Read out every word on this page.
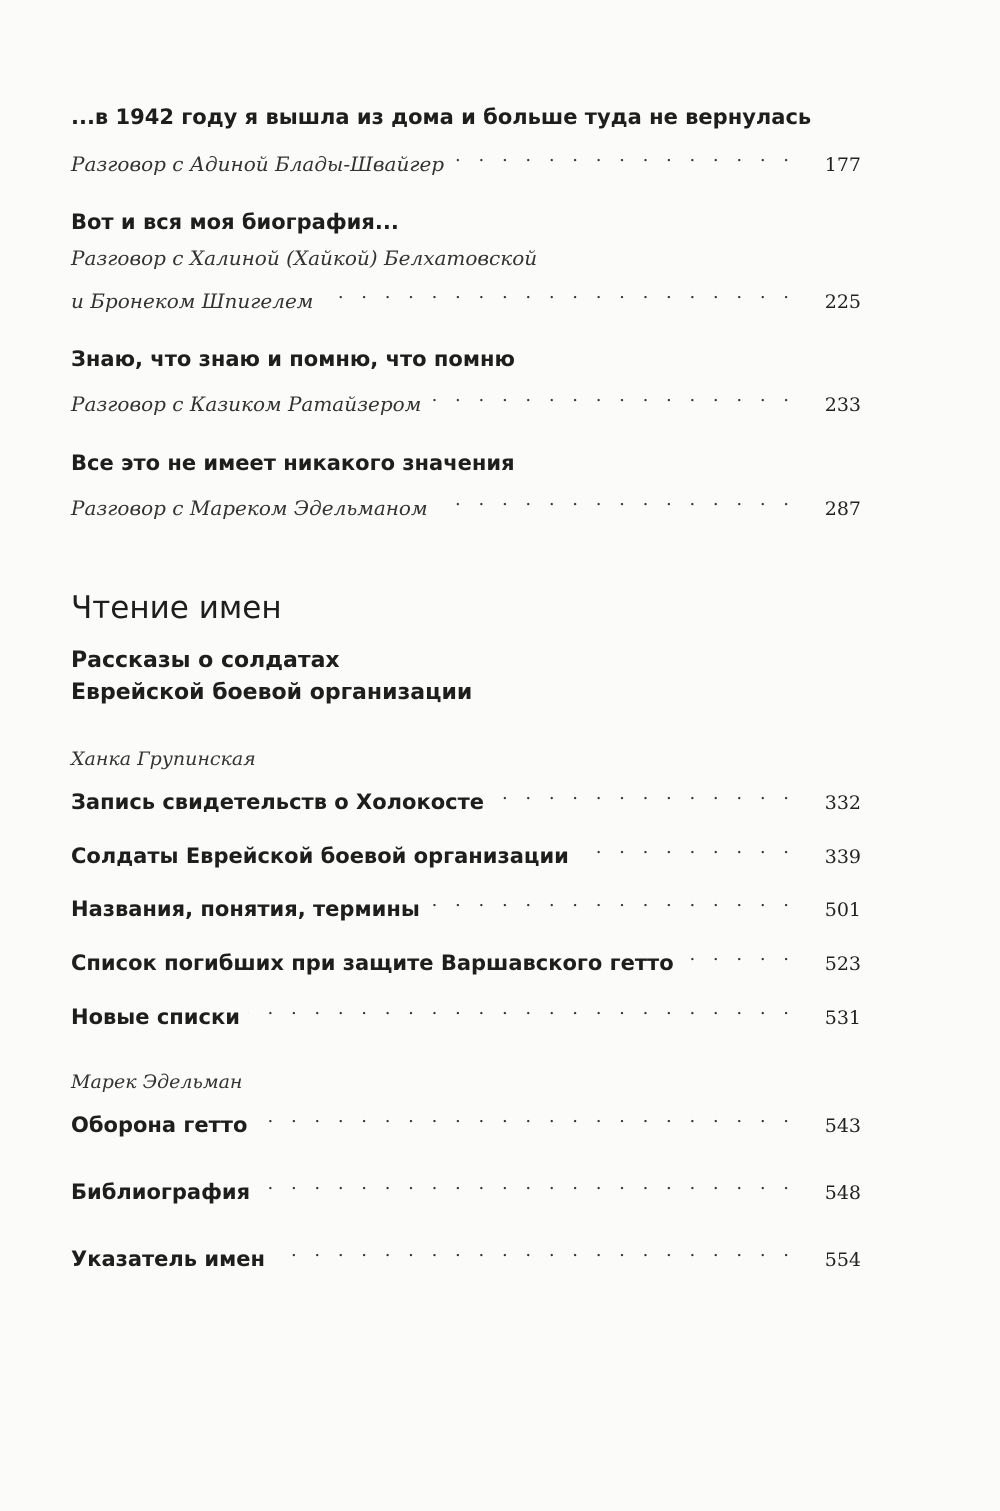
...в 1942 году я вышла из дома и больше туда не вернулась
Разговор с Адиной Блады-Швайгер . . .	177
Вот и вся моя биография...
Разговор с Халиной (Хайкой) Белхатовской
и Бронеком Шпигелем . . .	225
Знаю, что знаю и помню, что помню
Разговор с Казиком Ратайзером . . .	233
Все это не имеет никакого значения
Разговор с Мареком Эдельманом . . .	287
Чтение имен
Рассказы о солдатах
Еврейской боевой организации
Ханка Групинская
Запись свидетельств о Холокосте . . .	332
Солдаты Еврейской боевой организации . . .	339
Названия, понятия, термины . . .	501
Список погибших при защите Варшавского гетто . . .	523
Новые списки . . .	531
Марек Эдельман
Оборона гетто . . .	543
Библиография . . .	548
Указатель имен . . .	554
